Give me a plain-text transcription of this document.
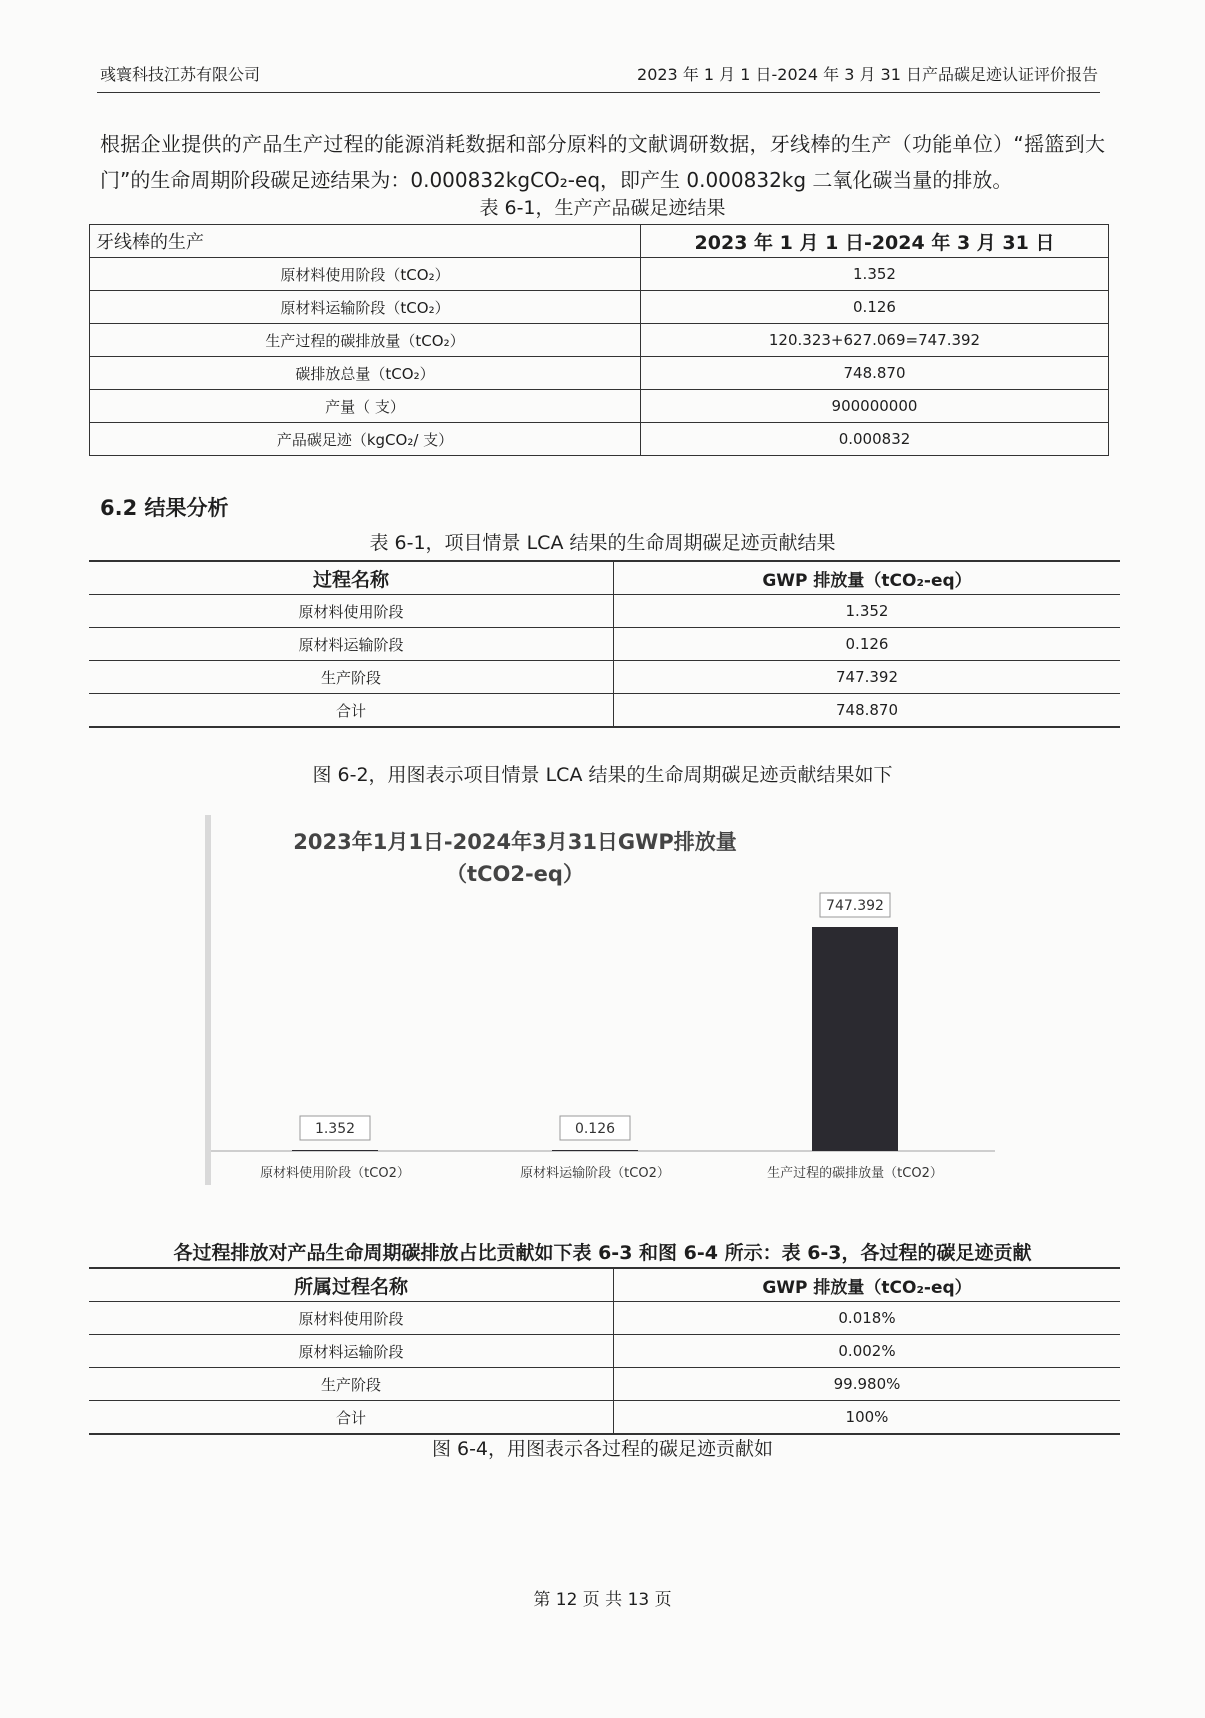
彧寰科技江苏有限公司	2023 年 1 月 1 日-2024 年 3 月 31 日产品碳足迹认证评价报告
根据企业提供的产品生产过程的能源消耗数据和部分原料的文献调研数据，牙线棒的生产（功能单位）“摇篮到大门”的生命周期阶段碳足迹结果为：0.000832kgCO₂-eq，即产生 0.000832kg 二氧化碳当量的排放。
表 6-1，生产产品碳足迹结果
牙线棒的生产	2023 年 1 月 1 日-2024 年 3 月 31 日
原材料使用阶段（tCO₂）	1.352
原材料运输阶段（tCO₂）	0.126
生产过程的碳排放量（tCO₂）	120.323+627.069=747.392
碳排放总量（tCO₂）	748.870
产量（ 支）	900000000
产品碳足迹（kgCO₂/ 支）	0.000832
6.2 结果分析
表 6-1，项目情景 LCA 结果的生命周期碳足迹贡献结果
过程名称	GWP 排放量（tCO₂-eq）
原材料使用阶段	1.352
原材料运输阶段	0.126
生产阶段	747.392
合计	748.870
图 6-2，用图表示项目情景 LCA 结果的生命周期碳足迹贡献结果如下
2023年1月1日-2024年3月31日GWP排放量
（tCO2-eq）
1.352
原材料使用阶段（tCO2）
0.126
原材料运输阶段（tCO2）
747.392
生产过程的碳排放量（tCO2）
各过程排放对产品生命周期碳排放占比贡献如下表 6-3 和图 6-4 所示：表 6-3，各过程的碳足迹贡献
所属过程名称	GWP 排放量（tCO₂-eq）
原材料使用阶段	0.018%
原材料运输阶段	0.002%
生产阶段	99.980%
合计	100%
图 6-4，用图表示各过程的碳足迹贡献如
第 12 页 共 13 页
